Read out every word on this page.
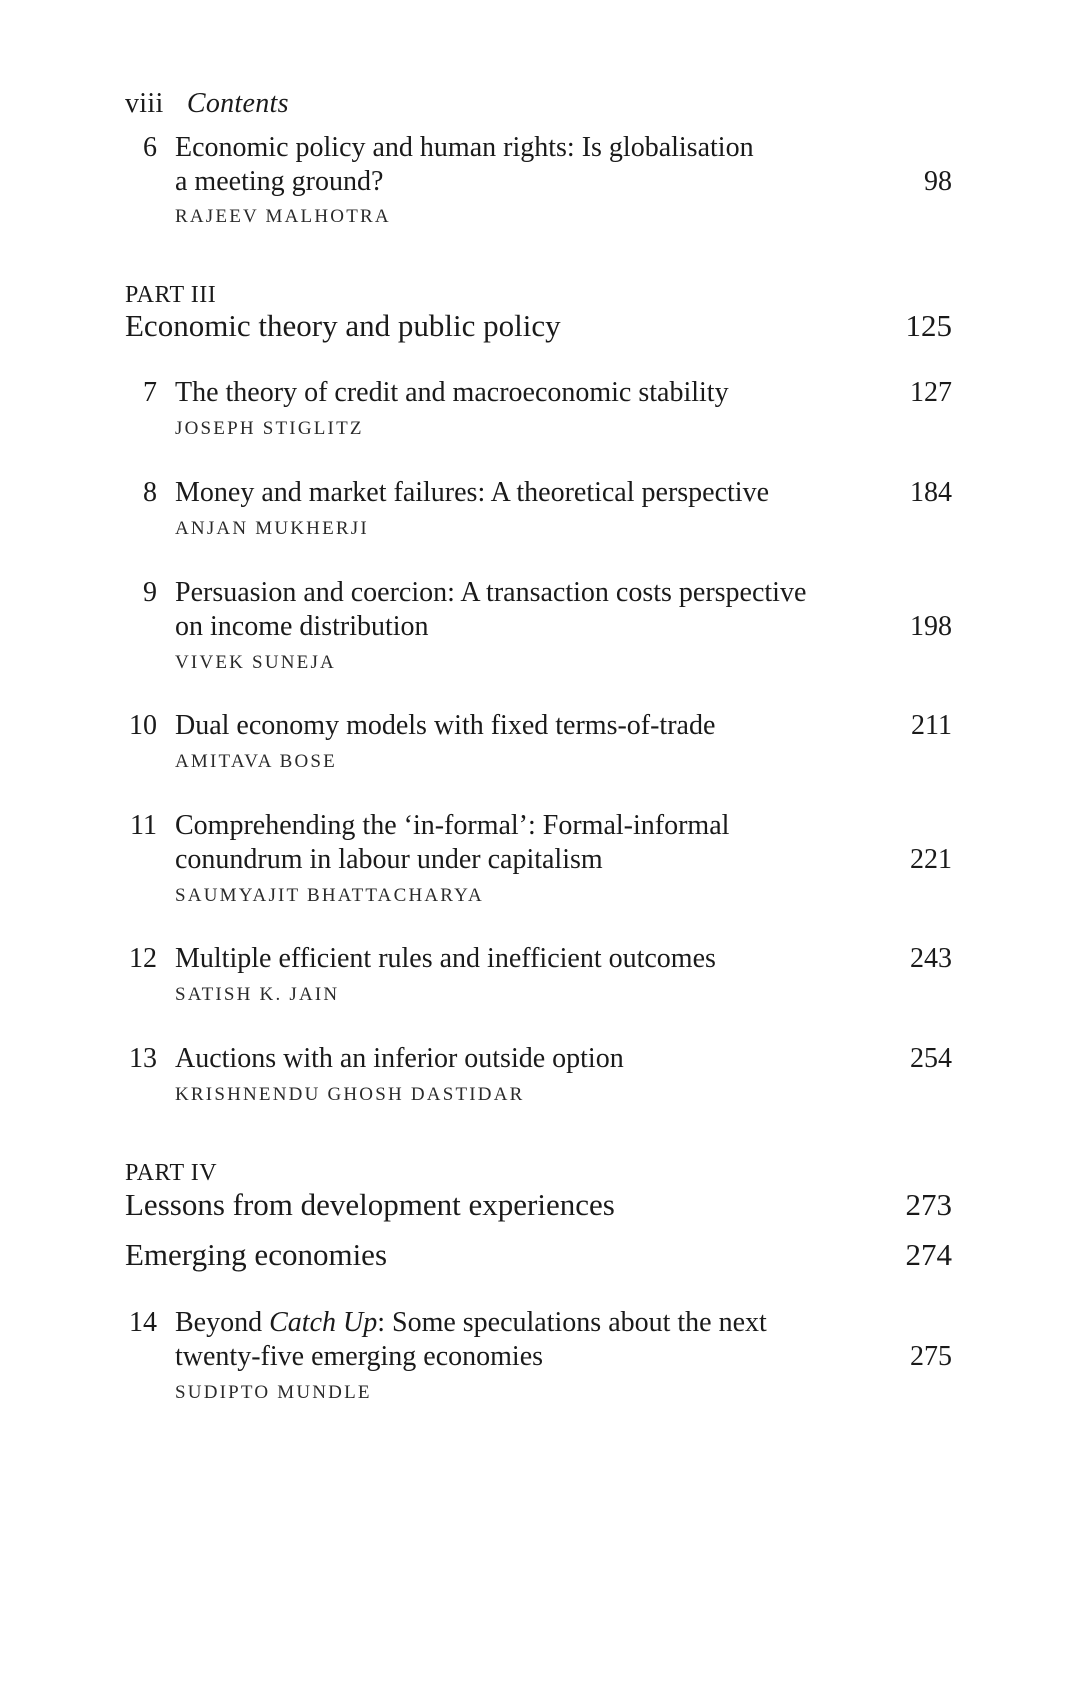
viii Contents
6 Economic policy and human rights: Is globalisation
a meeting ground?	98
RAJEEV MALHOTRA
PART III
Economic theory and public policy	125
7 The theory of credit and macroeconomic stability	127
JOSEPH STIGLITZ
8 Money and market failures: A theoretical perspective	184
ANJAN MUKHERJI
9 Persuasion and coercion: A transaction costs perspective
on income distribution	198
VIVEK SUNEJA
10 Dual economy models with fixed terms-of-trade	211
AMITAVA BOSE
11 Comprehending the ‘in-formal’: Formal-informal
conundrum in labour under capitalism	221
SAUMYAJIT BHATTACHARYA
12 Multiple efficient rules and inefficient outcomes	243
SATISH K. JAIN
13 Auctions with an inferior outside option	254
KRISHNENDU GHOSH DASTIDAR
PART IV
Lessons from development experiences	273
Emerging economies	274
14 Beyond Catch Up: Some speculations about the next
twenty-five emerging economies	275
SUDIPTO MUNDLE
